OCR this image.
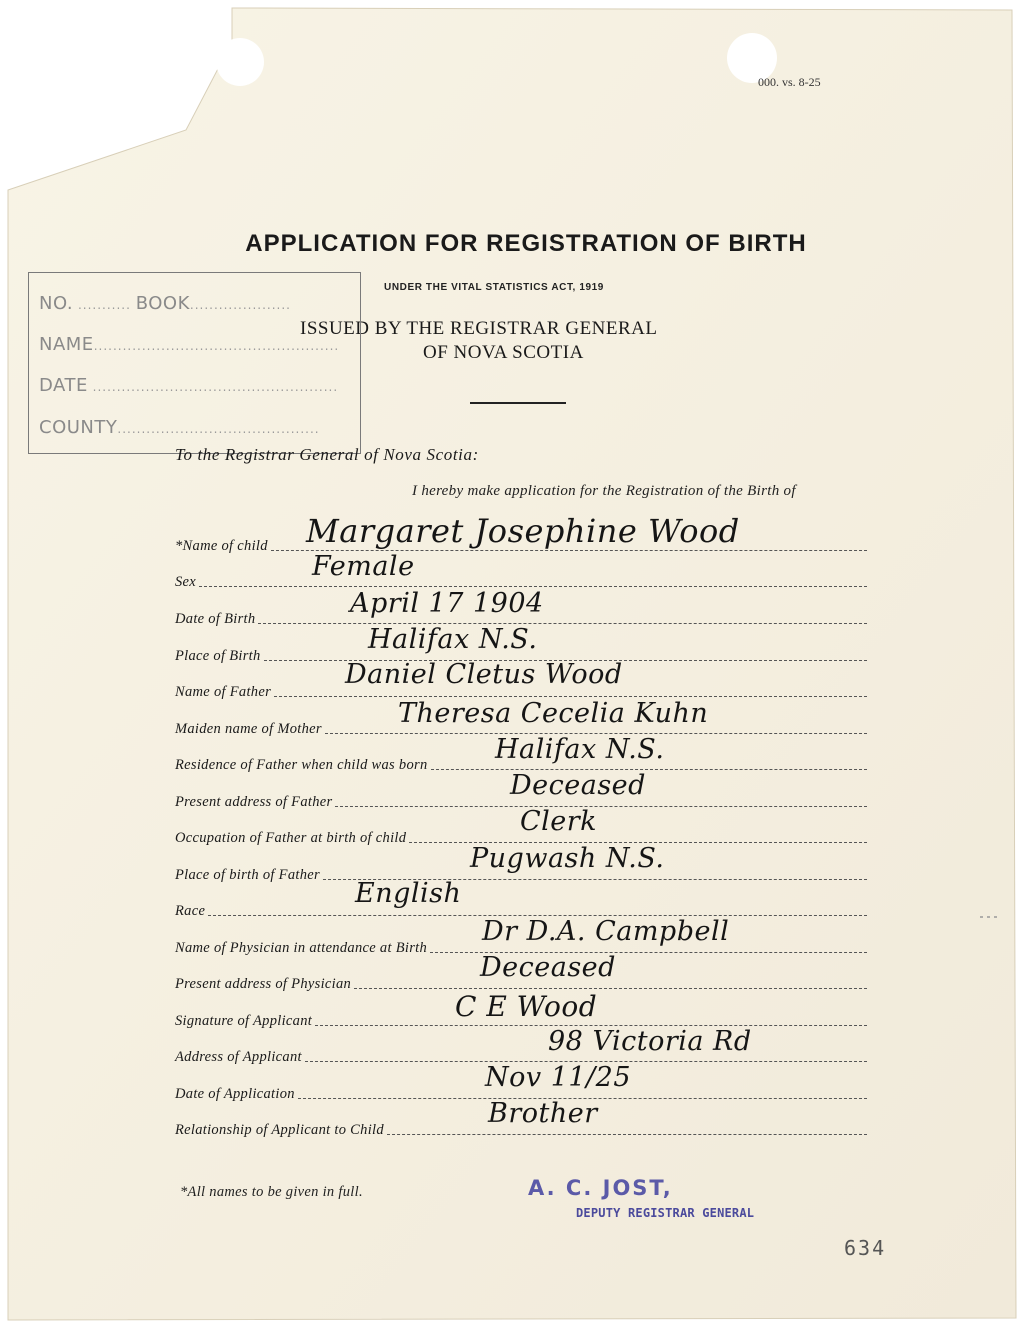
000. vs. 8-25
APPLICATION FOR REGISTRATION OF BIRTH
UNDER THE VITAL STATISTICS ACT, 1919
ISSUED BY THE REGISTRAR GENERAL
OF NOVA SCOTIA
NO. ........... BOOK.....................
NAME...................................................
DATE ...................................................
COUNTY..........................................
To the Registrar General of Nova Scotia:
I hereby make application for the Registration of the Birth of
*Name of child
Sex
Date of Birth
Place of Birth
Name of Father
Maiden name of Mother
Residence of Father when child was born
Present address of Father
Occupation of Father at birth of child
Place of birth of Father
Race
Name of Physician in attendance at Birth
Present address of Physician
Signature of Applicant
Address of Applicant
Date of Application
Relationship of Applicant to Child
Margaret Josephine Wood
Female
April 17 1904
Halifax N.S.
Daniel Cletus Wood
Theresa Cecelia Kuhn
Halifax N.S.
Deceased
Clerk
Pugwash N.S.
English
Dr D.A. Campbell
Deceased
C E Wood
98 Victoria Rd
Nov 11/25
Brother
*All names to be given in full.	A. C. JOST,
DEPUTY REGISTRAR GENERAL
634
